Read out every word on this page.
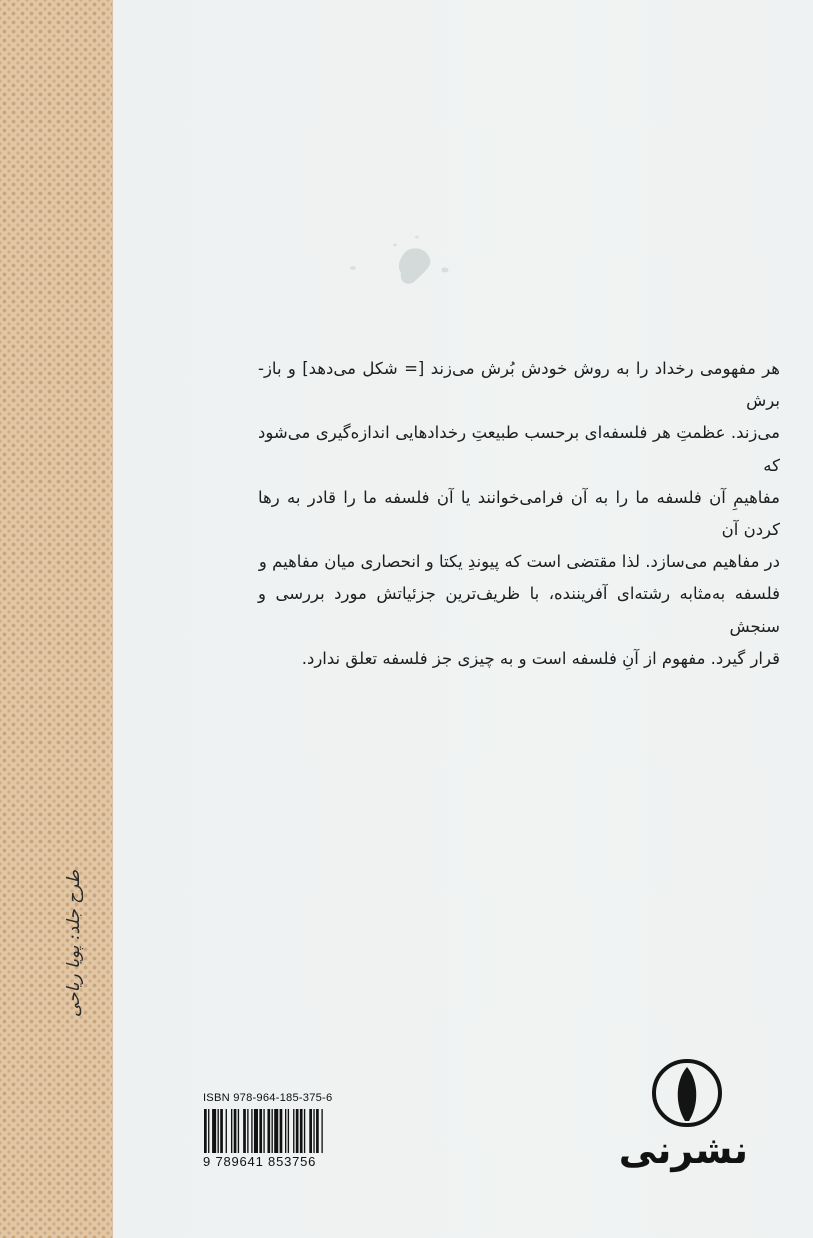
طرح جلد: پویا ریاحی

هر مفهومی رخداد را به روش خودش بُرش می‌زند [= شکل می‌دهد] و باز-برش

می‌زند. عظمتِ هر فلسفه‌ای برحسب طبیعتِ رخدادهایی اندازه‌گیری می‌شود که

مفاهیمِ آن فلسفه ما را به آن فرامی‌خوانند یا آن فلسفه ما را قادر به رها کردن آن

در مفاهیم می‌سازد. لذا مقتضی است که پیوندِ یکتا و انحصاری میان مفاهیم و

فلسفه به‌مثابه رشته‌ای آفریننده، با ظریف‌ترین جزئیاتش مورد بررسی و سنجش

قرار گیرد. مفهوم از آنِ فلسفه است و به چیزی جز فلسفه تعلق ندارد.

ISBN 978-964-185-375-6
9 789641 853756	نشرنی
